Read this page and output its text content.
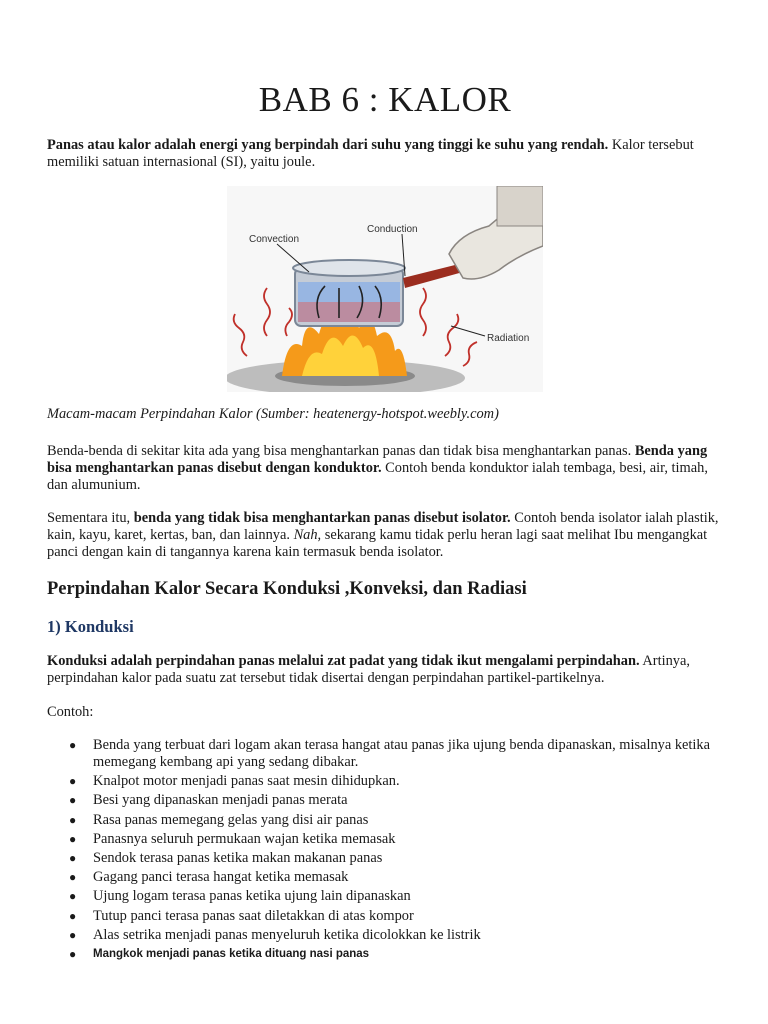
BAB 6 : KALOR

Panas atau kalor adalah energi yang berpindah dari suhu yang tinggi ke suhu yang rendah. Kalor tersebut memiliki satuan internasional (SI), yaitu joule.

Convection
Conduction
Radiation
Macam-macam Perpindahan Kalor (Sumber: heatenergy-hotspot.weebly.com)

Benda-benda di sekitar kita ada yang bisa menghantarkan panas dan tidak bisa menghantarkan panas. Benda yang bisa menghantarkan panas disebut dengan konduktor. Contoh benda konduktor ialah tembaga, besi, air, timah, dan alumunium.

Sementara itu, benda yang tidak bisa menghantarkan panas disebut isolator. Contoh benda isolator ialah plastik, kain, kayu, karet, kertas, ban, dan lainnya. Nah, sekarang kamu tidak perlu heran lagi saat melihat Ibu mengangkat panci dengan kain di tangannya karena kain termasuk benda isolator.

Perpindahan Kalor Secara Konduksi ,Konveksi, dan Radiasi
1) Konduksi

Konduksi adalah perpindahan panas melalui zat padat yang tidak ikut mengalami perpindahan. Artinya, perpindahan kalor pada suatu zat tersebut tidak disertai dengan perpindahan partikel-partikelnya.

Contoh:

● Benda yang terbuat dari logam akan terasa hangat atau panas jika ujung benda dipanaskan, misalnya ketika memegang kembang api yang sedang dibakar.
● Knalpot motor menjadi panas saat mesin dihidupkan.
● Besi yang dipanaskan menjadi panas merata
● Rasa panas memegang gelas yang disi air panas
● Panasnya seluruh permukaan wajan ketika memasak
● Sendok terasa panas ketika makan makanan panas
● Gagang panci terasa hangat ketika memasak
● Ujung logam terasa panas ketika ujung lain dipanaskan
● Tutup panci terasa panas saat diletakkan di atas kompor
● Alas setrika menjadi panas menyeluruh ketika dicolokkan ke listrik
● Mangkok menjadi panas ketika dituang nasi panas
